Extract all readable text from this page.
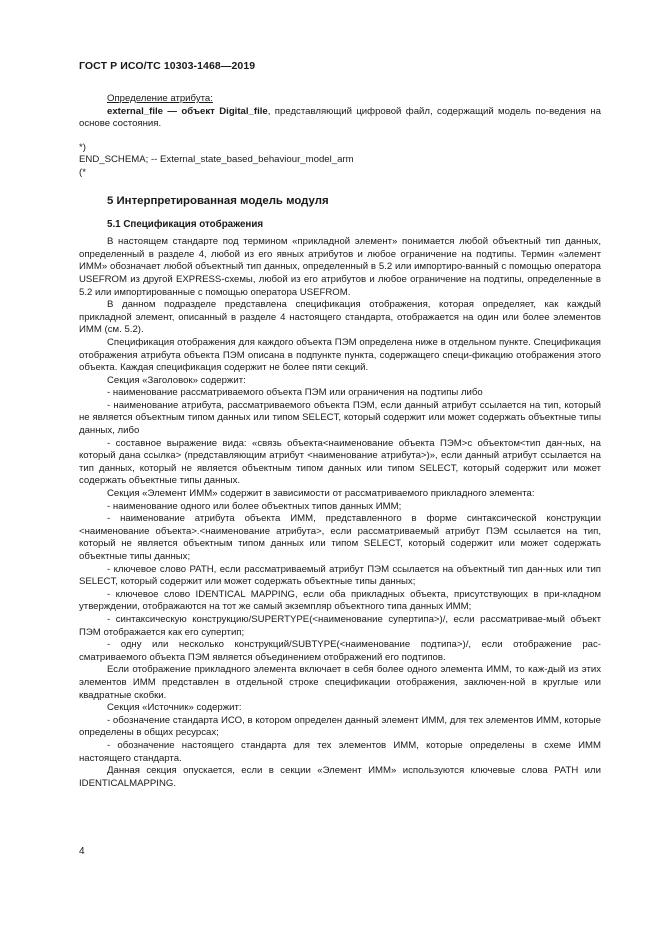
ГОСТ Р ИСО/ТС 10303-1468—2019

Определение атрибута:

external_file — объект Digital_file, представляющий цифровой файл, содержащий модель по-ведения на основе состояния.

*)

END_SCHEMA; -- External_state_based_behaviour_model_arm

(*

5 Интерпретированная модель модуля

5.1 Спецификация отображения

В настоящем стандарте под термином «прикладной элемент» понимается любой объектный тип данных, определенный в разделе 4, любой из его явных атрибутов и любое ограничение на подтипы. Термин «элемент ИММ» обозначает любой объектный тип данных, определенный в 5.2 или импортиро-ванный с помощью оператора USEFROM из другой EXPRESS-схемы, любой из его атрибутов и любое ограничение на подтипы, определенные в 5.2 или импортированные с помощью оператора USEFROM.

В данном подразделе представлена спецификация отображения, которая определяет, как каждый прикладной элемент, описанный в разделе 4 настоящего стандарта, отображается на один или более элементов ИММ (см. 5.2).

Спецификация отображения для каждого объекта ПЭМ определена ниже в отдельном пункте. Спецификация отображения атрибута объекта ПЭМ описана в подпункте пункта, содержащего специ-фикацию отображения этого объекта. Каждая спецификация содержит не более пяти секций.

Секция «Заголовок» содержит:

- наименование рассматриваемого объекта ПЭМ или ограничения на подтипы либо

- наименование атрибута, рассматриваемого объекта ПЭМ, если данный атрибут ссылается на тип, который не является объектным типом данных или типом SELECT, который содержит или может содержать объектные типы данных, либо

- составное выражение вида: «связь объекта<наименование объекта ПЭМ>с объектом<тип дан-ных, на который дана ссылка> (представляющим атрибут <наименование атрибута>)», если данный атрибут ссылается на тип данных, который не является объектным типом данных или типом SELECT, который содержит или может содержать объектные типы данных.

Секция «Элемент ИММ» содержит в зависимости от рассматриваемого прикладного элемента:

- наименование одного или более объектных типов данных ИММ;

- наименование атрибута объекта ИММ, представленного в форме синтаксической конструкции <наименование объекта>.<наименование атрибута>, если рассматриваемый атрибут ПЭМ ссылается на тип, который не является объектным типом данных или типом SELECT, который содержит или может содержать объектные типы данных;

- ключевое слово PATH, если рассматриваемый атрибут ПЭМ ссылается на объектный тип дан-ных или тип SELECT, который содержит или может содержать объектные типы данных;

- ключевое слово IDENTICAL MAPPING, если оба прикладных объекта, присутствующих в при-кладном утверждении, отображаются на тот же самый экземпляр объектного типа данных ИММ;

- синтаксическую конструкцию/SUPERTYPE(<наименование супертипа>)/, если рассматривае-мый объект ПЭМ отображается как его супертип;

- одну или несколько конструкций/SUBTYPE(<наименование подтипа>)/, если отображение рас-сматриваемого объекта ПЭМ является объединением отображений его подтипов.

Если отображение прикладного элемента включает в себя более одного элемента ИММ, то каж-дый из этих элементов ИММ представлен в отдельной строке спецификации отображения, заключен-ной в круглые или квадратные скобки.

Секция «Источник» содержит:

- обозначение стандарта ИСО, в котором определен данный элемент ИММ, для тех элементов ИММ, которые определены в общих ресурсах;

- обозначение настоящего стандарта для тех элементов ИММ, которые определены в схеме ИММ настоящего стандарта.

Данная секция опускается, если в секции «Элемент ИММ» используются ключевые слова PATH или IDENTICALMAPPING.

4
